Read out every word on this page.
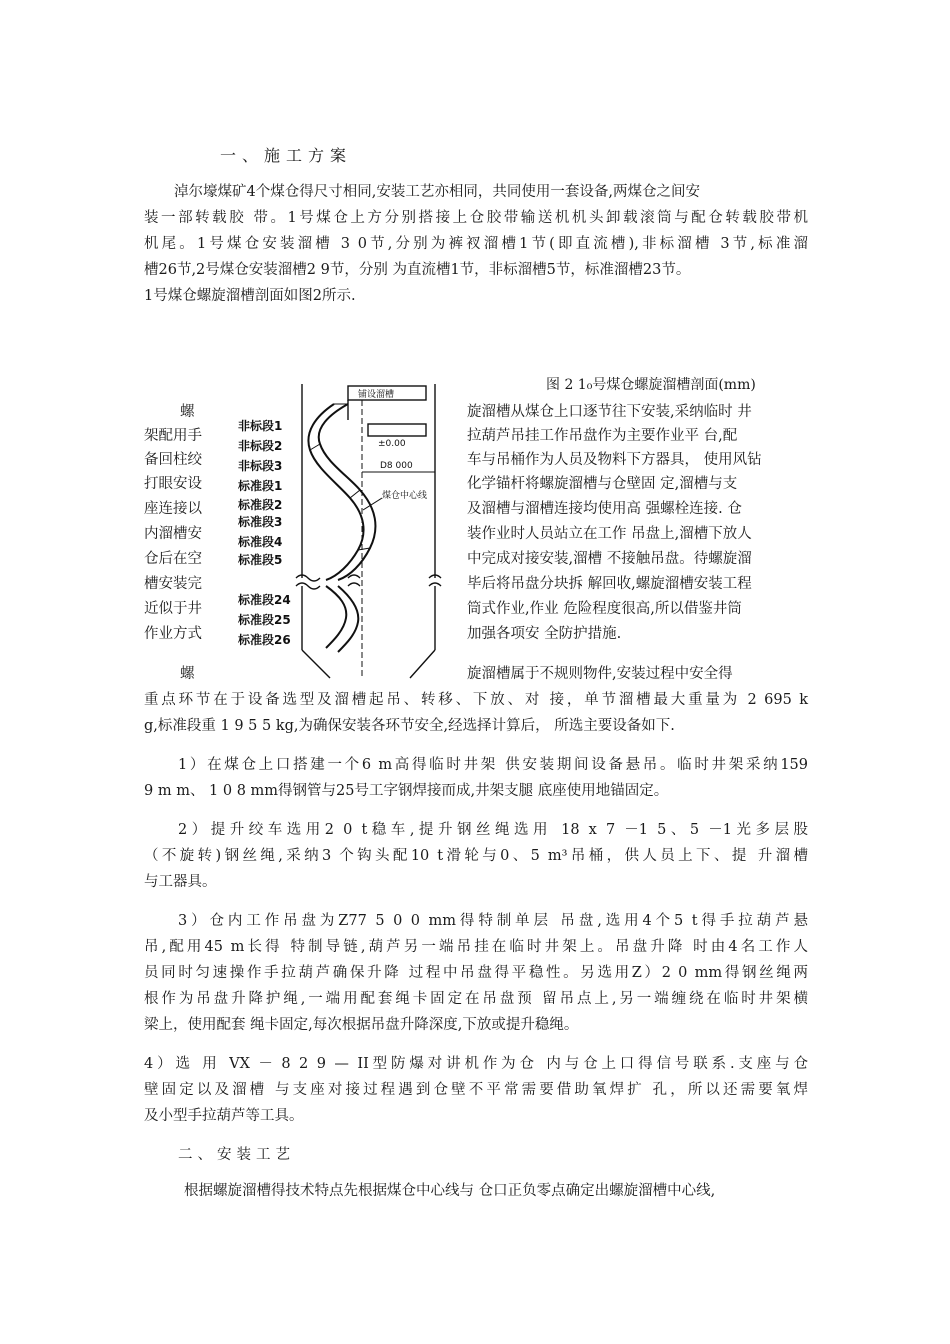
一、施工方案
淖尔壕煤矿4个煤仓得尺寸相同,安装工艺亦相同，共同使用一套设备,两煤仓之间安
装一部转载胶 带。1号煤仓上方分别搭接上仓胶带输送机机头卸载滚筒与配仓转载胶带机
机尾。1号煤仓安装溜槽 3 0节,分别为裤衩溜槽1节(即直流槽),非标溜槽 3节,标准溜
槽26节,2号煤仓安装溜槽2 9节，分别 为直流槽1节，非标溜槽5节，标准溜槽23节。
1号煤仓螺旋溜槽剖面如图2所示.
图 2 1₀号煤仓螺旋溜槽剖面(mm)
螺
架配用手
备回柱绞
打眼安设
座连接以
内溜槽安
仓后在空
槽安装完
近似于井
作业方式
旋溜槽从煤仓上口逐节往下安装,采纳临时 井
拉葫芦吊挂工作吊盘作为主要作业平 台,配
车与吊桶作为人员及物料下方器具， 使用风钻
化学锚杆将螺旋溜槽与仓壁固 定,溜槽与支
及溜槽与溜槽连接均使用高 强螺栓连接. 仓
装作业时人员站立在工作 吊盘上,溜槽下放人
中完成对接安装,溜槽 不接触吊盘。待螺旋溜
毕后将吊盘分块拆 解回收,螺旋溜槽安装工程
筒式作业,作业 危险程度很高,所以借鉴井筒
加强各项安 全防护措施.
非标段1
非标段2
非标段3
标准段1
标准段2
标准段3
标准段4
标准段5
标准段24
标准段25
标准段26
铺设溜槽
±0.00
D8 000
煤仓中心线
螺	旋溜槽属于不规则物件,安装过程中安全得
重点环节在于设备选型及溜槽起吊、转移、下放、对 接，单节溜槽最大重量为 2 695 k
g,标准段重 1 9 5 5 kg,为确保安装各环节安全,经选择计算后， 所选主要设备如下.
1）在煤仓上口搭建一个6 m高得临时井架 供安装期间设备悬吊。临时井架采纳159
9 m m、 1 0 8 mm得钢管与25号工字钢焊接而成,井架支腿 底座使用地锚固定。
2）提升绞车选用2 0 t稳车,提升钢丝绳选用 18 x 7 －1 5、5 －1光多层股
（不旋转)钢丝绳,采纳3 个钩头配10 t滑轮与0、5 m³吊桶，供人员上下、提 升溜槽
与工器具。
3）仓内工作吊盘为Z77 5 0 0 mm得特制单层 吊盘,选用4个5 t得手拉葫芦悬
吊,配用45 m长得 特制导链,葫芦另一端吊挂在临时井架上。吊盘升降 时由4名工作人
员同时匀速操作手拉葫芦确保升降 过程中吊盘得平稳性。另选用Z）2 0 mm得钢丝绳两
根作为吊盘升降护绳,一端用配套绳卡固定在吊盘预 留吊点上,另一端缠绕在临时井架横
梁上，使用配套 绳卡固定,每次根据吊盘升降深度,下放或提升稳绳。
4）选 用 VX － 8 2 9 — II型防爆对讲机作为仓 内与仓上口得信号联系.支座与仓
壁固定以及溜槽 与支座对接过程遇到仓壁不平常需要借助氧焊扩 孔，所以还需要氧焊
及小型手拉葫芦等工具。
二、安装工艺
根据螺旋溜槽得技术特点先根据煤仓中心线与 仓口正负零点确定出螺旋溜槽中心线,
